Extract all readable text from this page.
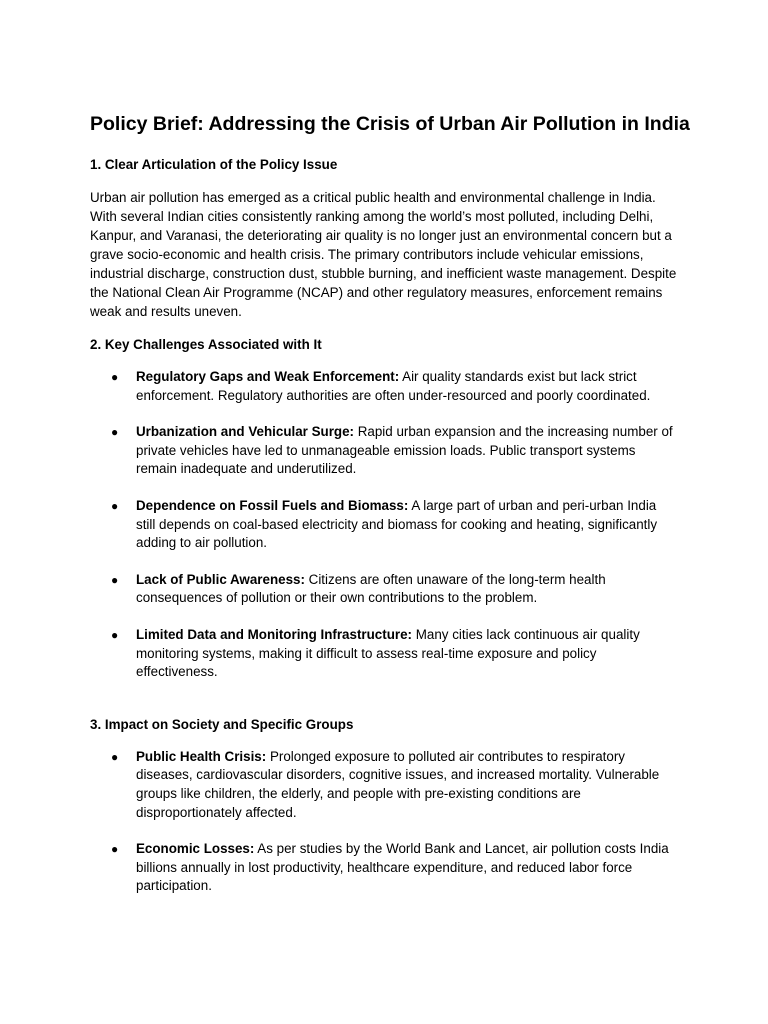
Policy Brief: Addressing the Crisis of Urban Air Pollution in India
1. Clear Articulation of the Policy Issue

Urban air pollution has emerged as a critical public health and environmental challenge in India. With several Indian cities consistently ranking among the world’s most polluted, including Delhi, Kanpur, and Varanasi, the deteriorating air quality is no longer just an environmental concern but a grave socio-economic and health crisis. The primary contributors include vehicular emissions, industrial discharge, construction dust, stubble burning, and inefficient waste management. Despite the National Clean Air Programme (NCAP) and other regulatory measures, enforcement remains weak and results uneven.

2. Key Challenges Associated with It
● Regulatory Gaps and Weak Enforcement: Air quality standards exist but lack strict enforcement. Regulatory authorities are often under-resourced and poorly coordinated.
● Urbanization and Vehicular Surge: Rapid urban expansion and the increasing number of private vehicles have led to unmanageable emission loads. Public transport systems remain inadequate and underutilized.
● Dependence on Fossil Fuels and Biomass: A large part of urban and peri-urban India still depends on coal-based electricity and biomass for cooking and heating, significantly adding to air pollution.
● Lack of Public Awareness: Citizens are often unaware of the long-term health consequences of pollution or their own contributions to the problem.
● Limited Data and Monitoring Infrastructure: Many cities lack continuous air quality monitoring systems, making it difficult to assess real-time exposure and policy effectiveness.
3. Impact on Society and Specific Groups
● Public Health Crisis: Prolonged exposure to polluted air contributes to respiratory diseases, cardiovascular disorders, cognitive issues, and increased mortality. Vulnerable groups like children, the elderly, and people with pre-existing conditions are disproportionately affected.
● Economic Losses: As per studies by the World Bank and Lancet, air pollution costs India billions annually in lost productivity, healthcare expenditure, and reduced labor force participation.
